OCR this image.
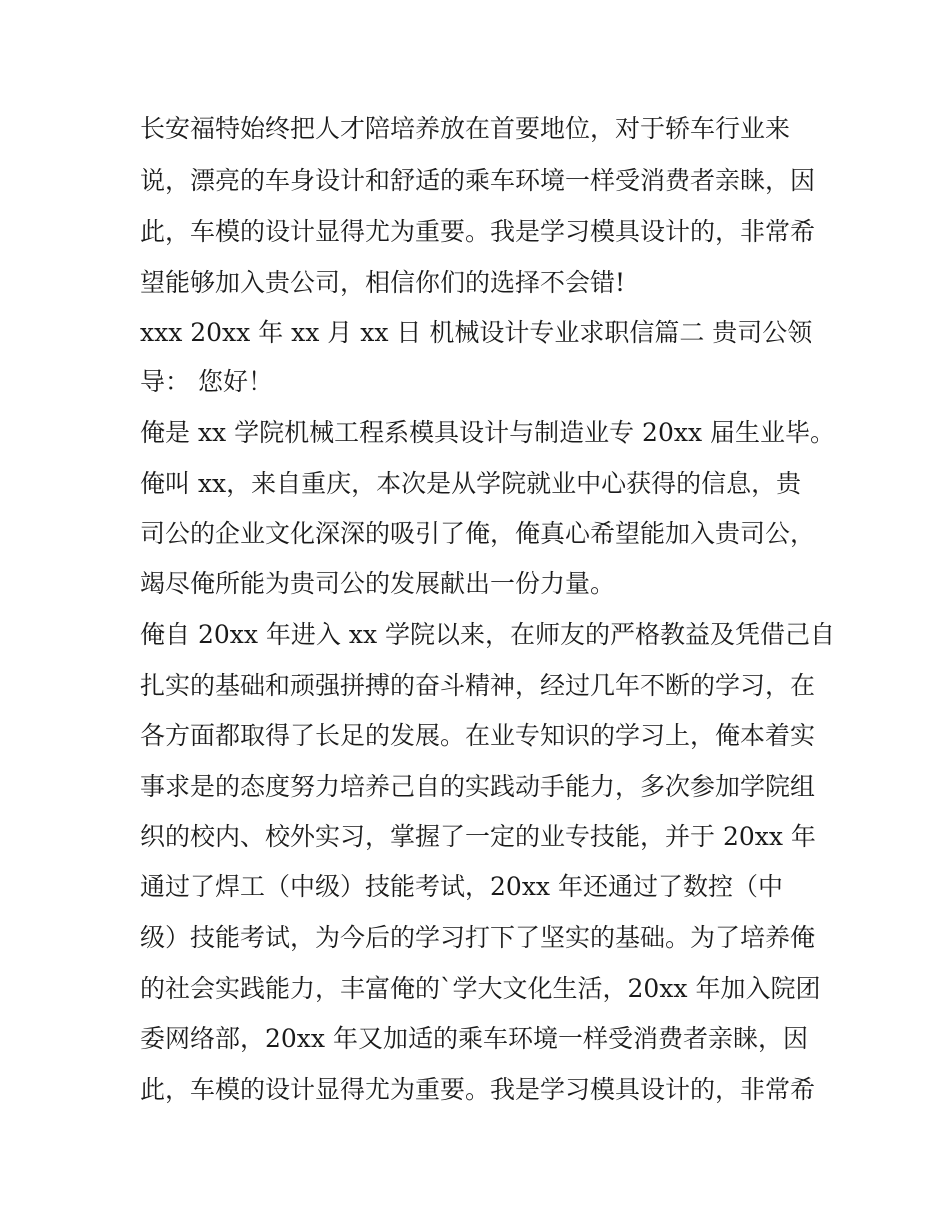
长安福特始终把人才陪培养放在首要地位，对于轿车行业来
说，漂亮的车身设计和舒适的乘车环境一样受消费者亲睐，因
此，车模的设计显得尤为重要。我是学习模具设计的，非常希
望能够加入贵公司，相信你们的选择不会错!
xxx 20xx 年 xx 月 xx 日 机械设计专业求职信篇二 贵司公领
导： 您好！
俺是 xx 学院机械工程系模具设计与制造业专 20xx 届生业毕。
俺叫 xx，来自重庆，本次是从学院就业中心获得的信息，贵
司公的企业文化深深的吸引了俺，俺真心希望能加入贵司公，
竭尽俺所能为贵司公的发展献出一份力量。
俺自 20xx 年进入 xx 学院以来，在师友的严格教益及凭借己自
扎实的基础和顽强拼搏的奋斗精神，经过几年不断的学习，在
各方面都取得了长足的发展。在业专知识的学习上，俺本着实
事求是的态度努力培养己自的实践动手能力，多次参加学院组
织的校内、校外实习，掌握了一定的业专技能，并于 20xx 年
通过了焊工（中级）技能考试，20xx 年还通过了数控（中
级）技能考试，为今后的学习打下了坚实的基础。为了培养俺
的社会实践能力，丰富俺的`学大文化生活，20xx 年加入院团
委网络部，20xx 年又加适的乘车环境一样受消费者亲睐，因
此，车模的设计显得尤为重要。我是学习模具设计的，非常希
